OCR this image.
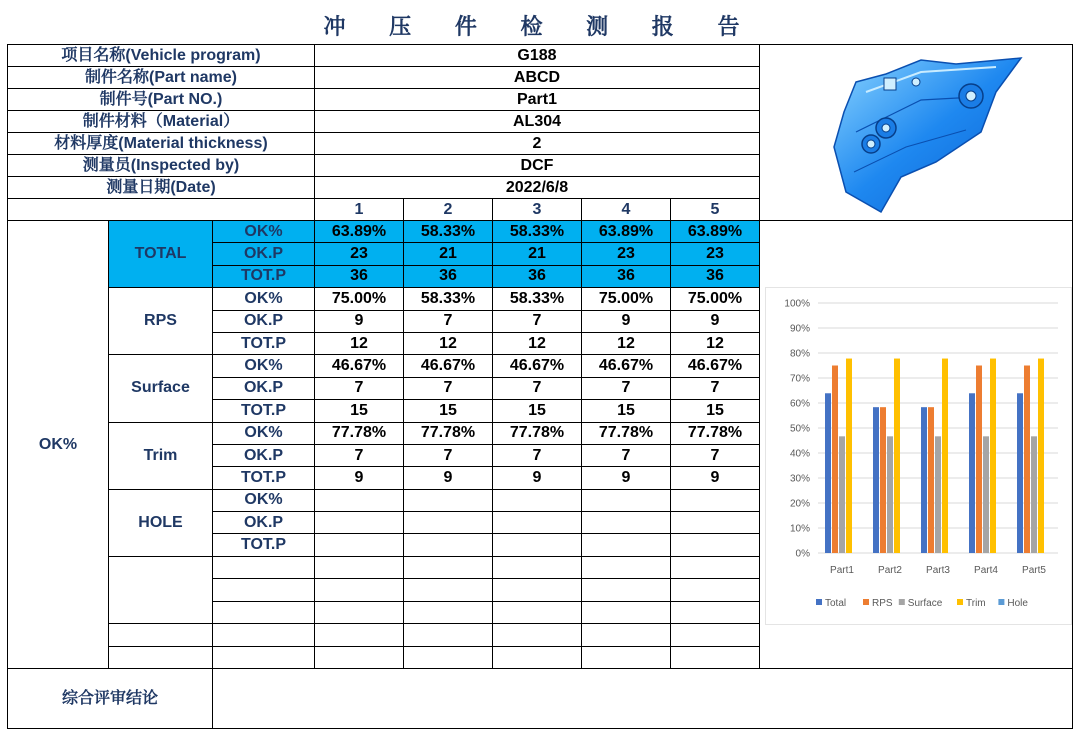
冲 压 件 检 测 报 告
项目名称(Vehicle program)			G188					
制件名称(Part name)			ABCD					
制件号(Part NO.)			Part1					
制件材料（Material）			AL304					
材料厚度(Material thickness)			2					
测量员(Inspected by)			DCF					
测量日期(Date)			2022/6/8					
			1	2	3	4	5	
OK%	TOTAL	OK%	63.89%	58.33%	58.33%	63.89%	63.89%	
		OK.P	23	21	21	23	23	
		TOT.P	36	36	36	36	36	
	RPS	OK%	75.00%	58.33%	58.33%	75.00%	75.00%	
		OK.P	9	7	7	9	9	
		TOT.P	12	12	12	12	12	
	Surface	OK%	46.67%	46.67%	46.67%	46.67%	46.67%	
		OK.P	7	7	7	7	7	
		TOT.P	15	15	15	15	15	
	Trim	OK%	77.78%	77.78%	77.78%	77.78%	77.78%	
		OK.P	7	7	7	7	7	
		TOT.P	9	9	9	9	9	
	HOLE	OK%						
		OK.P						
		TOT.P						

综合评审结论								
0%
10%
20%
30%
40%
50%
60%
70%
80%
90%
100%
Part1 Part2 Part3 Part4 Part5
Total	RPS Surface Trim Hole
